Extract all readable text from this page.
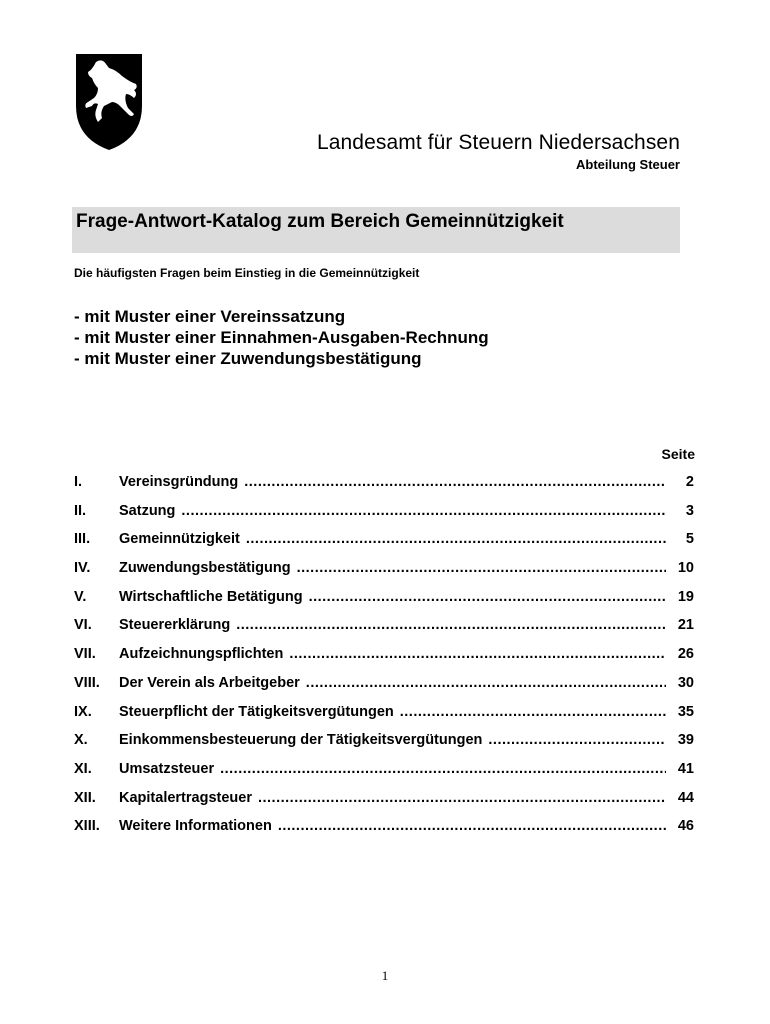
Landesamt für Steuern Niedersachsen
Abteilung Steuer
Frage-Antwort-Katalog zum Bereich Gemeinnützigkeit
Die häufigsten Fragen beim Einstieg in die Gemeinnützigkeit
- mit Muster einer Vereinssatzung
- mit Muster einer Einnahmen-Ausgaben-Rechnung
- mit Muster einer Zuwendungsbestätigung
Seite
I.	Vereinsgründung .....	2
II.	Satzung .....	3
III.	Gemeinnützigkeit .....	5
IV.	Zuwendungsbestätigung .....	10
V.	Wirtschaftliche Betätigung .....	19
VI.	Steuererklärung .....	21
VII.	Aufzeichnungspflichten .....	26
VIII.	Der Verein als Arbeitgeber .....	30
IX.	Steuerpflicht der Tätigkeitsvergütungen .....	35
X.	Einkommensbesteuerung der Tätigkeitsvergütungen .....	39
XI.	Umsatzsteuer .....	41
XII.	Kapitalertragsteuer .....	44
XIII.	Weitere Informationen .....	46
1
